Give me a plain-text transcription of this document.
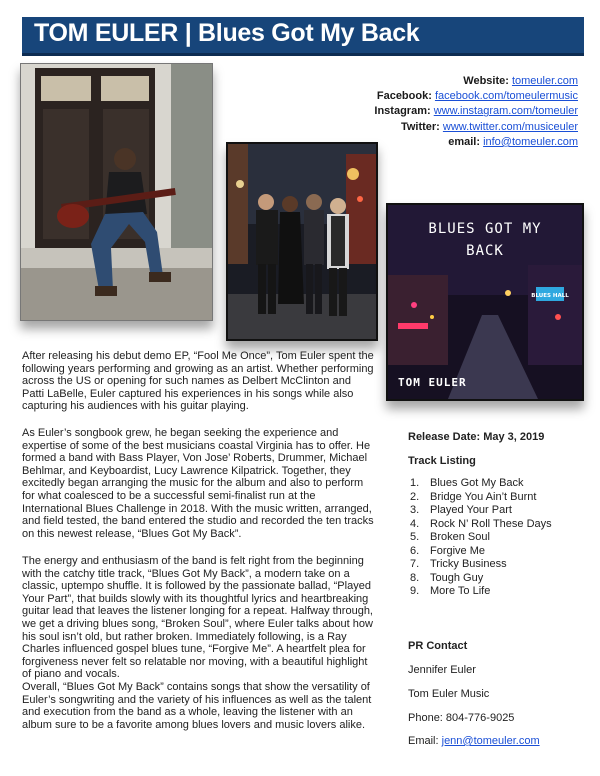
TOM EULER | Blues Got My Back
Website: tomeuler.com
Facebook: facebook.com/tomeulermusic
Instagram: www.instagram.com/tomeuler
Twitter: www.twitter.com/musiceuler
email: info@tomeuler.com
BLUES HALL
BLUES GOT MY
BACK
TOM EULER
After releasing his debut demo EP, “Fool Me Once”, Tom Euler spent the following years performing and growing as an artist. Whether performing across the US or opening for such names as Delbert McClinton and Patti LaBelle, Euler captured his experiences in his songs while also capturing his audiences with his guitar playing.
As Euler’s songbook grew, he began seeking the experience and expertise of some of the best musicians coastal Virginia has to offer. He formed a band with Bass Player, Von Jose’ Roberts, Drummer, Michael Behlmar, and Keyboardist, Lucy Lawrence Kilpatrick. Together, they excitedly began arranging the music for the album and also to perform for what coalesced to be a successful semi-finalist run at the International Blues Challenge in 2018. With the music written, arranged, and field tested, the band entered the studio and recorded the ten tracks on this newest release, “Blues Got My Back”.
The energy and enthusiasm of the band is felt right from the beginning with the catchy title track, “Blues Got My Back”, a modern take on a classic, uptempo shuffle. It is followed by the passionate ballad, “Played Your Part”, that builds slowly with its thoughtful lyrics and heartbreaking guitar lead that leaves the listener longing for a repeat. Halfway through, we get a driving blues song, “Broken Soul”, where Euler talks about how his soul isn’t old, but rather broken. Immediately following, is a Ray Charles influenced gospel blues tune, “Forgive Me”. A heartfelt plea for forgiveness never felt so relatable nor moving, with a beautiful highlight of piano and vocals.
Overall, “Blues Got My Back” contains songs that show the versatility of Euler’s songwriting and the variety of his influences as well as the talent and execution from the band as a whole, leaving the listener with an album sure to be a favorite among blues lovers and music lovers alike.
Release Date: May 3, 2019
Track Listing
1. Blues Got My Back
2. Bridge You Ain’t Burnt
3. Played Your Part
4. Rock N’ Roll These Days
5. Broken Soul
6. Forgive Me
7. Tricky Business
8. Tough Guy
9. More To Life
PR Contact
Jennifer Euler
Tom Euler Music
Phone: 804-776-9025
Email: jenn@tomeuler.com
